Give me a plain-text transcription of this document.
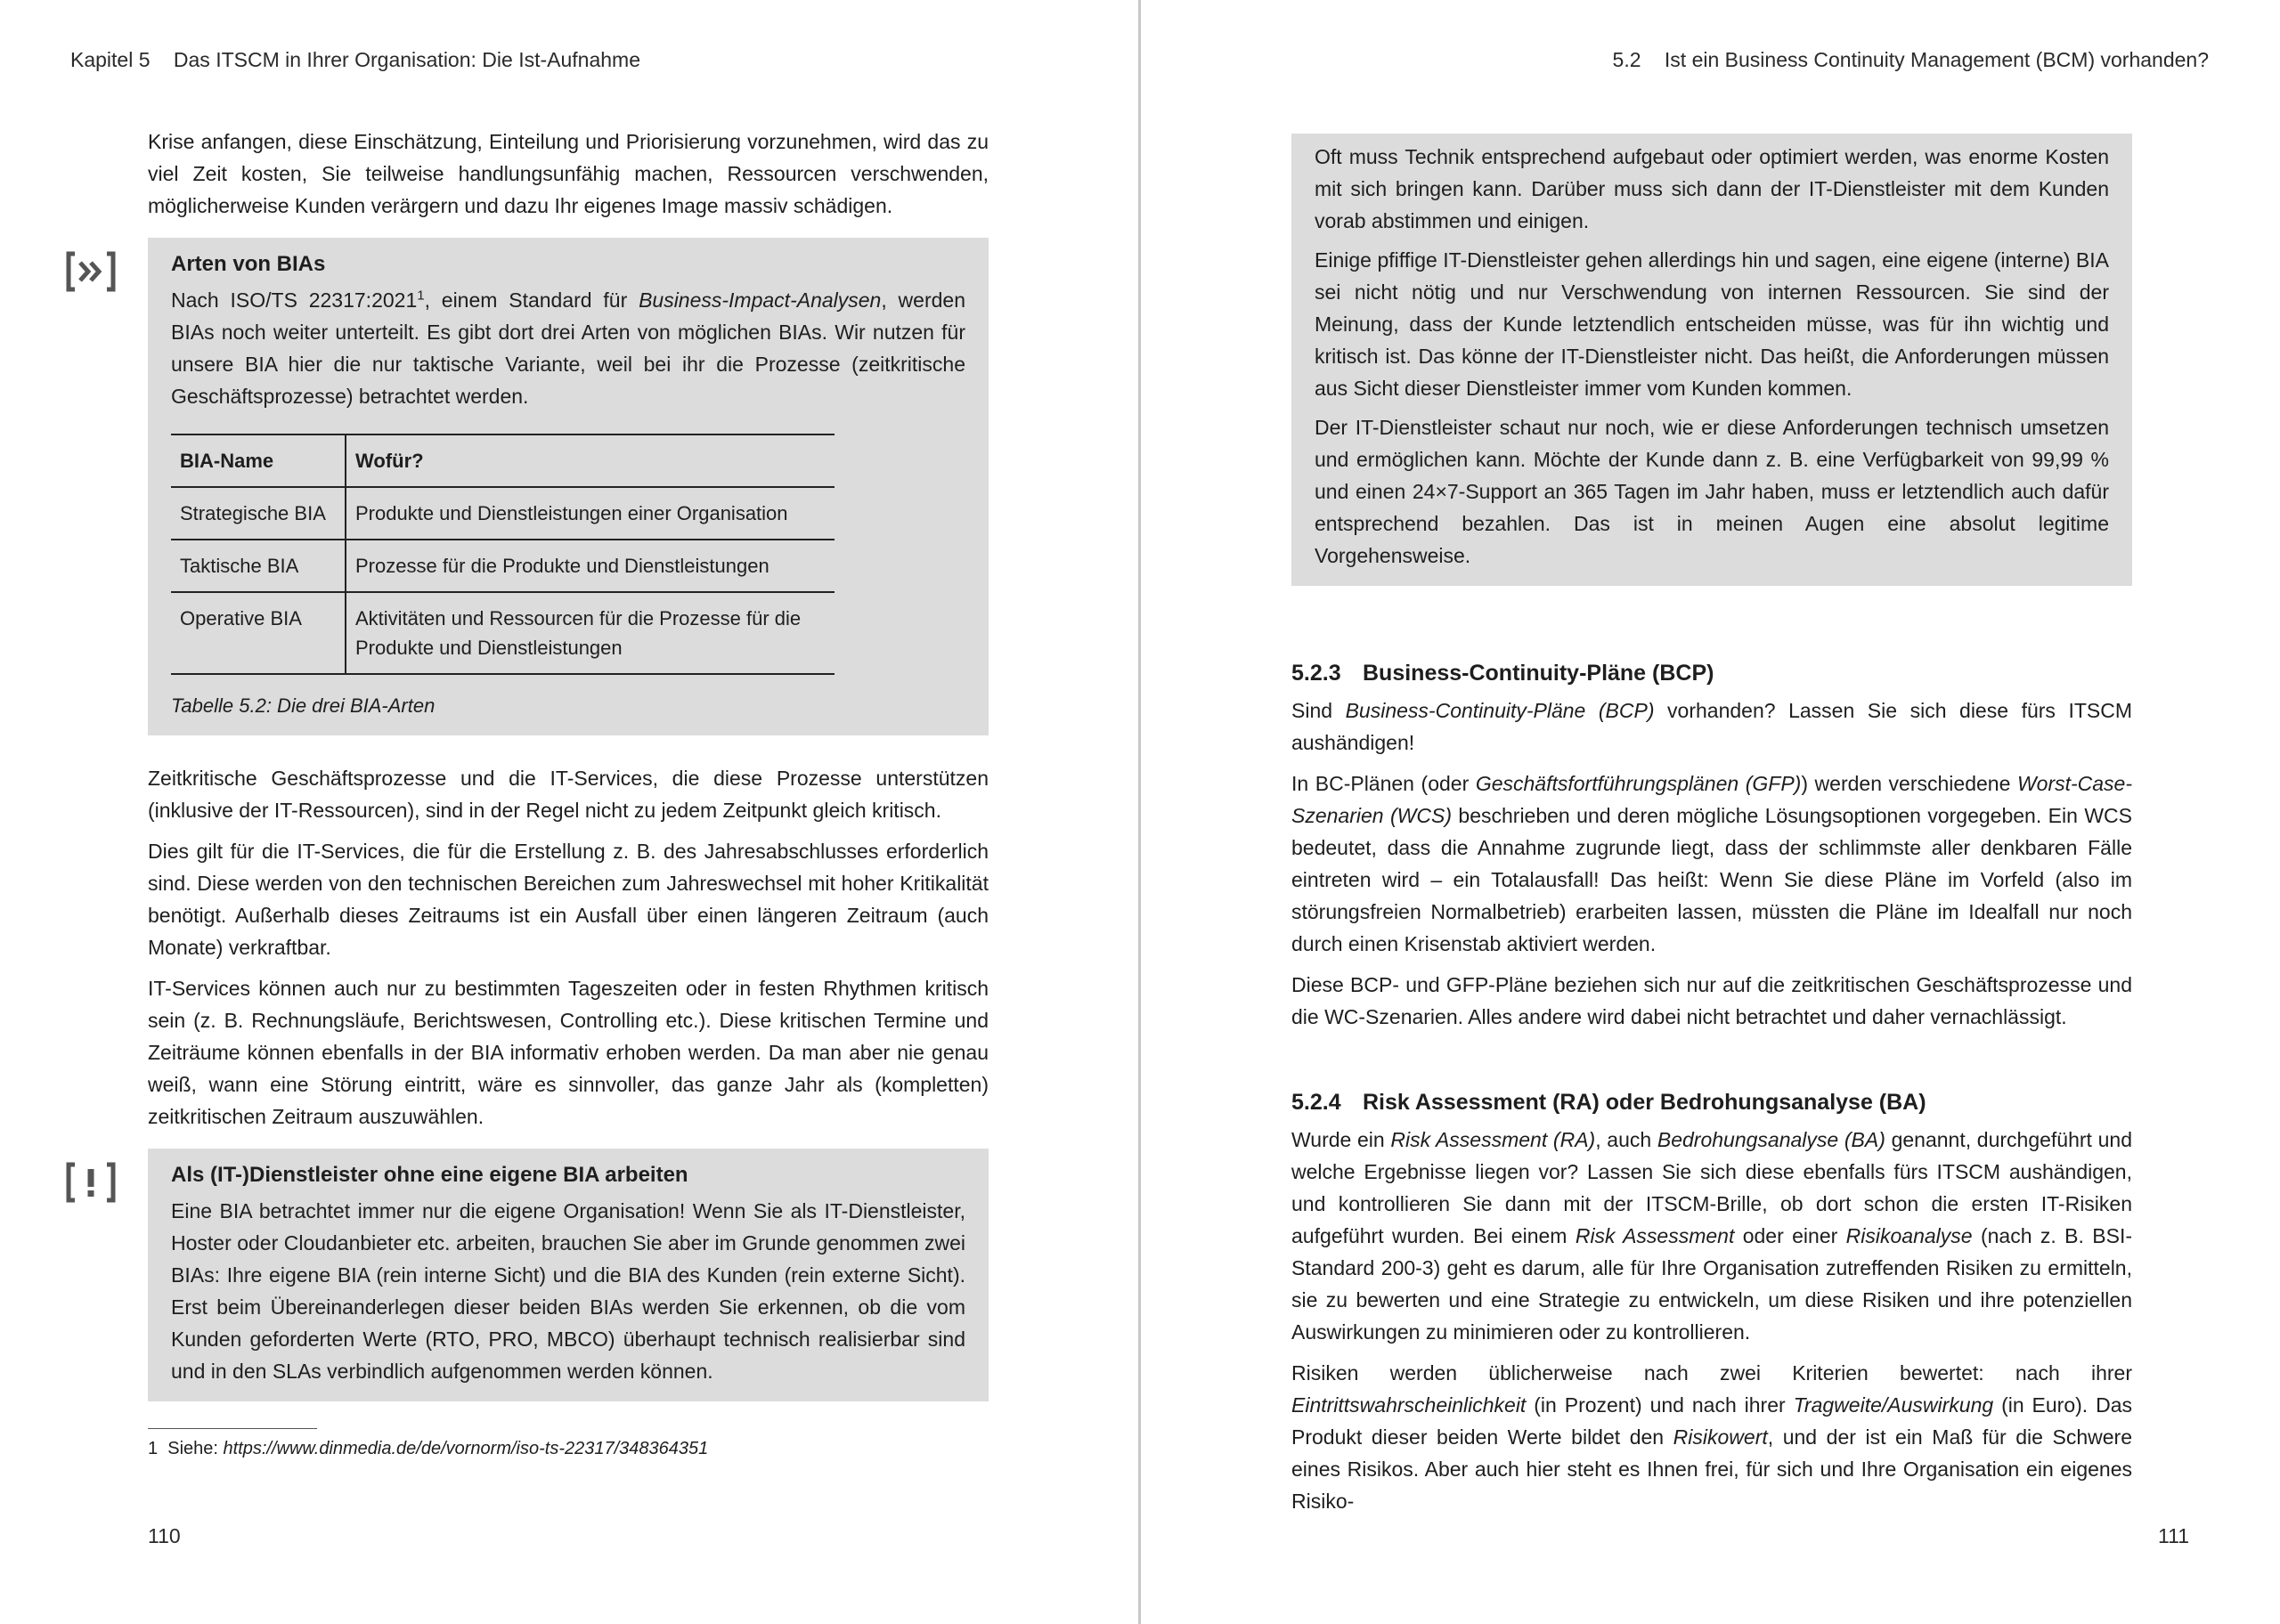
Kapitel 5 Das ITSCM in Ihrer Organisation: Die Ist-Aufnahme

Krise anfangen, diese Einschätzung, Einteilung und Priorisierung vorzunehmen, wird das zu viel Zeit kosten, Sie teilweise handlungsunfähig machen, Ressourcen verschwenden, möglicherweise Kunden verärgern und dazu Ihr eigenes Image massiv schädigen.

Arten von BIAs

Nach ISO/TS 22317:2021$^1$, einem Standard für Business-Impact-Analysen, werden BIAs noch weiter unterteilt. Es gibt dort drei Arten von möglichen BIAs. Wir nutzen für unsere BIA hier die nur taktische Variante, weil bei ihr die Prozesse (zeitkritische Geschäftsprozesse) betrachtet werden.

BIA-Name	Wofür?
Strategische BIA	Produkte und Dienstleistungen einer Organisation
Taktische BIA	Prozesse für die Produkte und Dienstleistungen
Operative BIA	Aktivitäten und Ressourcen für die Prozesse für die Produkte und Dienstleistungen
Tabelle 5.2: Die drei BIA-Arten

Zeitkritische Geschäftsprozesse und die IT-Services, die diese Prozesse unterstützen (inklusive der IT-Ressourcen), sind in der Regel nicht zu jedem Zeitpunkt gleich kritisch.

Dies gilt für die IT-Services, die für die Erstellung z. B. des Jahresabschlusses erforderlich sind. Diese werden von den technischen Bereichen zum Jahreswechsel mit hoher Kritikalität benötigt. Außerhalb dieses Zeitraums ist ein Ausfall über einen längeren Zeitraum (auch Monate) verkraftbar.

IT-Services können auch nur zu bestimmten Tageszeiten oder in festen Rhythmen kritisch sein (z. B. Rechnungsläufe, Berichtswesen, Controlling etc.). Diese kritischen Termine und Zeiträume können ebenfalls in der BIA informativ erhoben werden. Da man aber nie genau weiß, wann eine Störung eintritt, wäre es sinnvoller, das ganze Jahr als (kompletten) zeitkritischen Zeitraum auszuwählen.

Als (IT-)Dienstleister ohne eine eigene BIA arbeiten

Eine BIA betrachtet immer nur die eigene Organisation! Wenn Sie als IT-Dienstleister, Hoster oder Cloudanbieter etc. arbeiten, brauchen Sie aber im Grunde genommen zwei BIAs: Ihre eigene BIA (rein interne Sicht) und die BIA des Kunden (rein externe Sicht). Erst beim Übereinanderlegen dieser beiden BIAs werden Sie erkennen, ob die vom Kunden geforderten Werte (RTO, PRO, MBCO) überhaupt technisch realisierbar sind und in den SLAs verbindlich aufgenommen werden können.

1 Siehe: https://www.dinmedia.de/de/vornorm/iso-ts-22317/348364351
110
5.2 Ist ein Business Continuity Management (BCM) vorhanden?

Oft muss Technik entsprechend aufgebaut oder optimiert werden, was enorme Kosten mit sich bringen kann. Darüber muss sich dann der IT-Dienstleister mit dem Kunden vorab abstimmen und einigen.

Einige pfiffige IT-Dienstleister gehen allerdings hin und sagen, eine eigene (interne) BIA sei nicht nötig und nur Verschwendung von internen Ressourcen. Sie sind der Meinung, dass der Kunde letztendlich entscheiden müsse, was für ihn wichtig und kritisch ist. Das könne der IT-Dienstleister nicht. Das heißt, die Anforderungen müssen aus Sicht dieser Dienstleister immer vom Kunden kommen.

Der IT-Dienstleister schaut nur noch, wie er diese Anforderungen technisch umsetzen und ermöglichen kann. Möchte der Kunde dann z. B. eine Verfügbarkeit von 99,99 % und einen 24×7-Support an 365 Tagen im Jahr haben, muss er letztendlich auch dafür entsprechend bezahlen. Das ist in meinen Augen eine absolut legitime Vorgehensweise.

5.2.3 Business-Continuity-Pläne (BCP)

Sind Business-Continuity-Pläne (BCP) vorhanden? Lassen Sie sich diese fürs ITSCM aushändigen!

In BC-Plänen (oder Geschäftsfortführungsplänen (GFP)) werden verschiedene Worst-Case-Szenarien (WCS) beschrieben und deren mögliche Lösungsoptionen vorgegeben. Ein WCS bedeutet, dass die Annahme zugrunde liegt, dass der schlimmste aller denkbaren Fälle eintreten wird – ein Totalausfall! Das heißt: Wenn Sie diese Pläne im Vorfeld (also im störungsfreien Normalbetrieb) erarbeiten lassen, müssten die Pläne im Idealfall nur noch durch einen Krisenstab aktiviert werden.

Diese BCP- und GFP-Pläne beziehen sich nur auf die zeitkritischen Geschäftsprozesse und die WC-Szenarien. Alles andere wird dabei nicht betrachtet und daher vernachlässigt.

5.2.4 Risk Assessment (RA) oder Bedrohungsanalyse (BA)

Wurde ein Risk Assessment (RA), auch Bedrohungsanalyse (BA) genannt, durchgeführt und welche Ergebnisse liegen vor? Lassen Sie sich diese ebenfalls fürs ITSCM aushändigen, und kontrollieren Sie dann mit der ITSCM-Brille, ob dort schon die ersten IT-Risiken aufgeführt wurden. Bei einem Risk Assessment oder einer Risikoanalyse (nach z. B. BSI-Standard 200-3) geht es darum, alle für Ihre Organisation zutreffenden Risiken zu ermitteln, sie zu bewerten und eine Strategie zu entwickeln, um diese Risiken und ihre potenziellen Auswirkungen zu minimieren oder zu kontrollieren.

Risiken werden üblicherweise nach zwei Kriterien bewertet: nach ihrer Eintrittswahrscheinlichkeit (in Prozent) und nach ihrer Tragweite/Auswirkung (in Euro). Das Produkt dieser beiden Werte bildet den Risikowert, und der ist ein Maß für die Schwere eines Risikos. Aber auch hier steht es Ihnen frei, für sich und Ihre Organisation ein eigenes Risiko-

111
